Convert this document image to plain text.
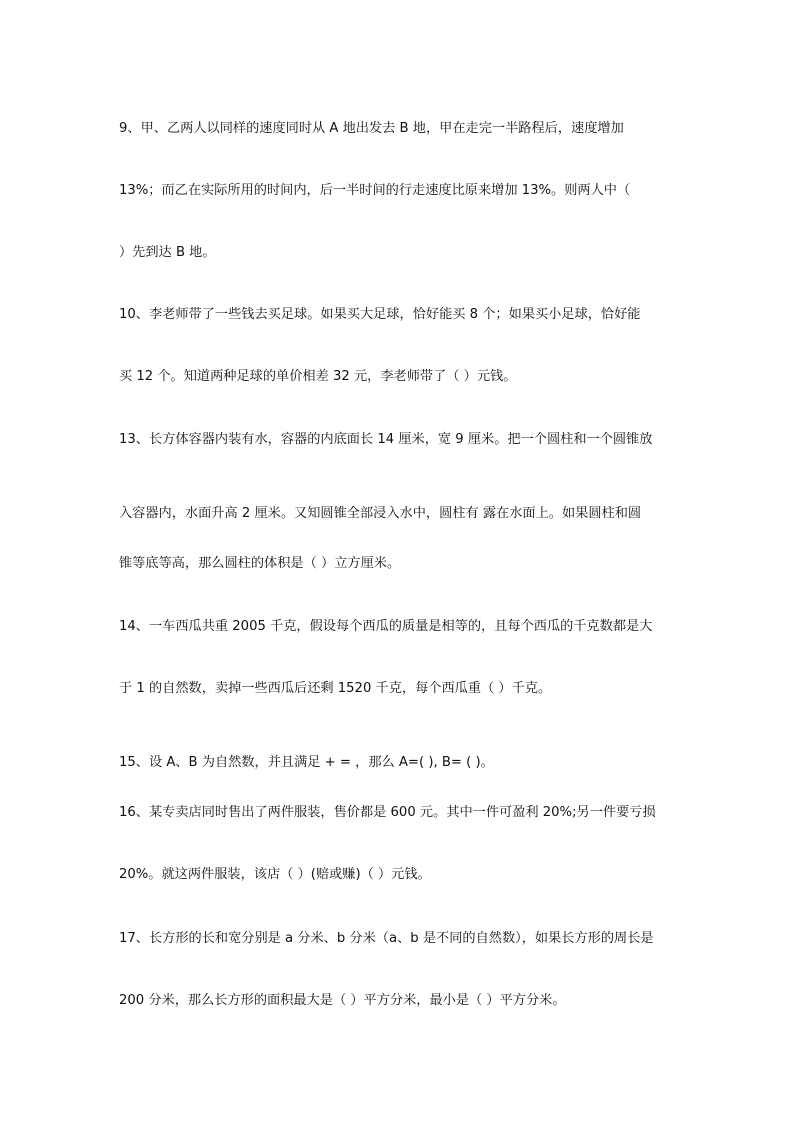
9、甲、乙两人以同样的速度同时从 A 地出发去 B 地，甲在走完一半路程后，速度增加
13%；而乙在实际所用的时间内，后一半时间的行走速度比原来增加 13%。则两人中（
）先到达 B 地。
10、李老师带了一些钱去买足球。如果买大足球，恰好能买 8 个；如果买小足球，恰好能
买 12 个。知道两种足球的单价相差 32 元，李老师带了（ ）元钱。
13、长方体容器内装有水，容器的内底面长 14 厘米，宽 9 厘米。把一个圆柱和一个圆锥放
入容器内，水面升高 2 厘米。又知圆锥全部浸入水中，圆柱有 露在水面上。如果圆柱和圆
锥等底等高，那么圆柱的体积是（ ）立方厘米。
14、一车西瓜共重 2005 千克，假设每个西瓜的质量是相等的，且每个西瓜的千克数都是大
于 1 的自然数，卖掉一些西瓜后还剩 1520 千克，每个西瓜重（ ）千克。
15、设 A、B 为自然数，并且满足 + = ，那么 A=( ), B= ( )。
16、某专卖店同时售出了两件服装，售价都是 600 元。其中一件可盈利 20%;另一件要亏损
20%。就这两件服装，该店（ ）(赔或赚)（ ）元钱。
17、长方形的长和宽分别是 a 分米、b 分米（a、b 是不同的自然数），如果长方形的周长是
200 分米，那么长方形的面积最大是（ ）平方分米，最小是（ ）平方分米。
